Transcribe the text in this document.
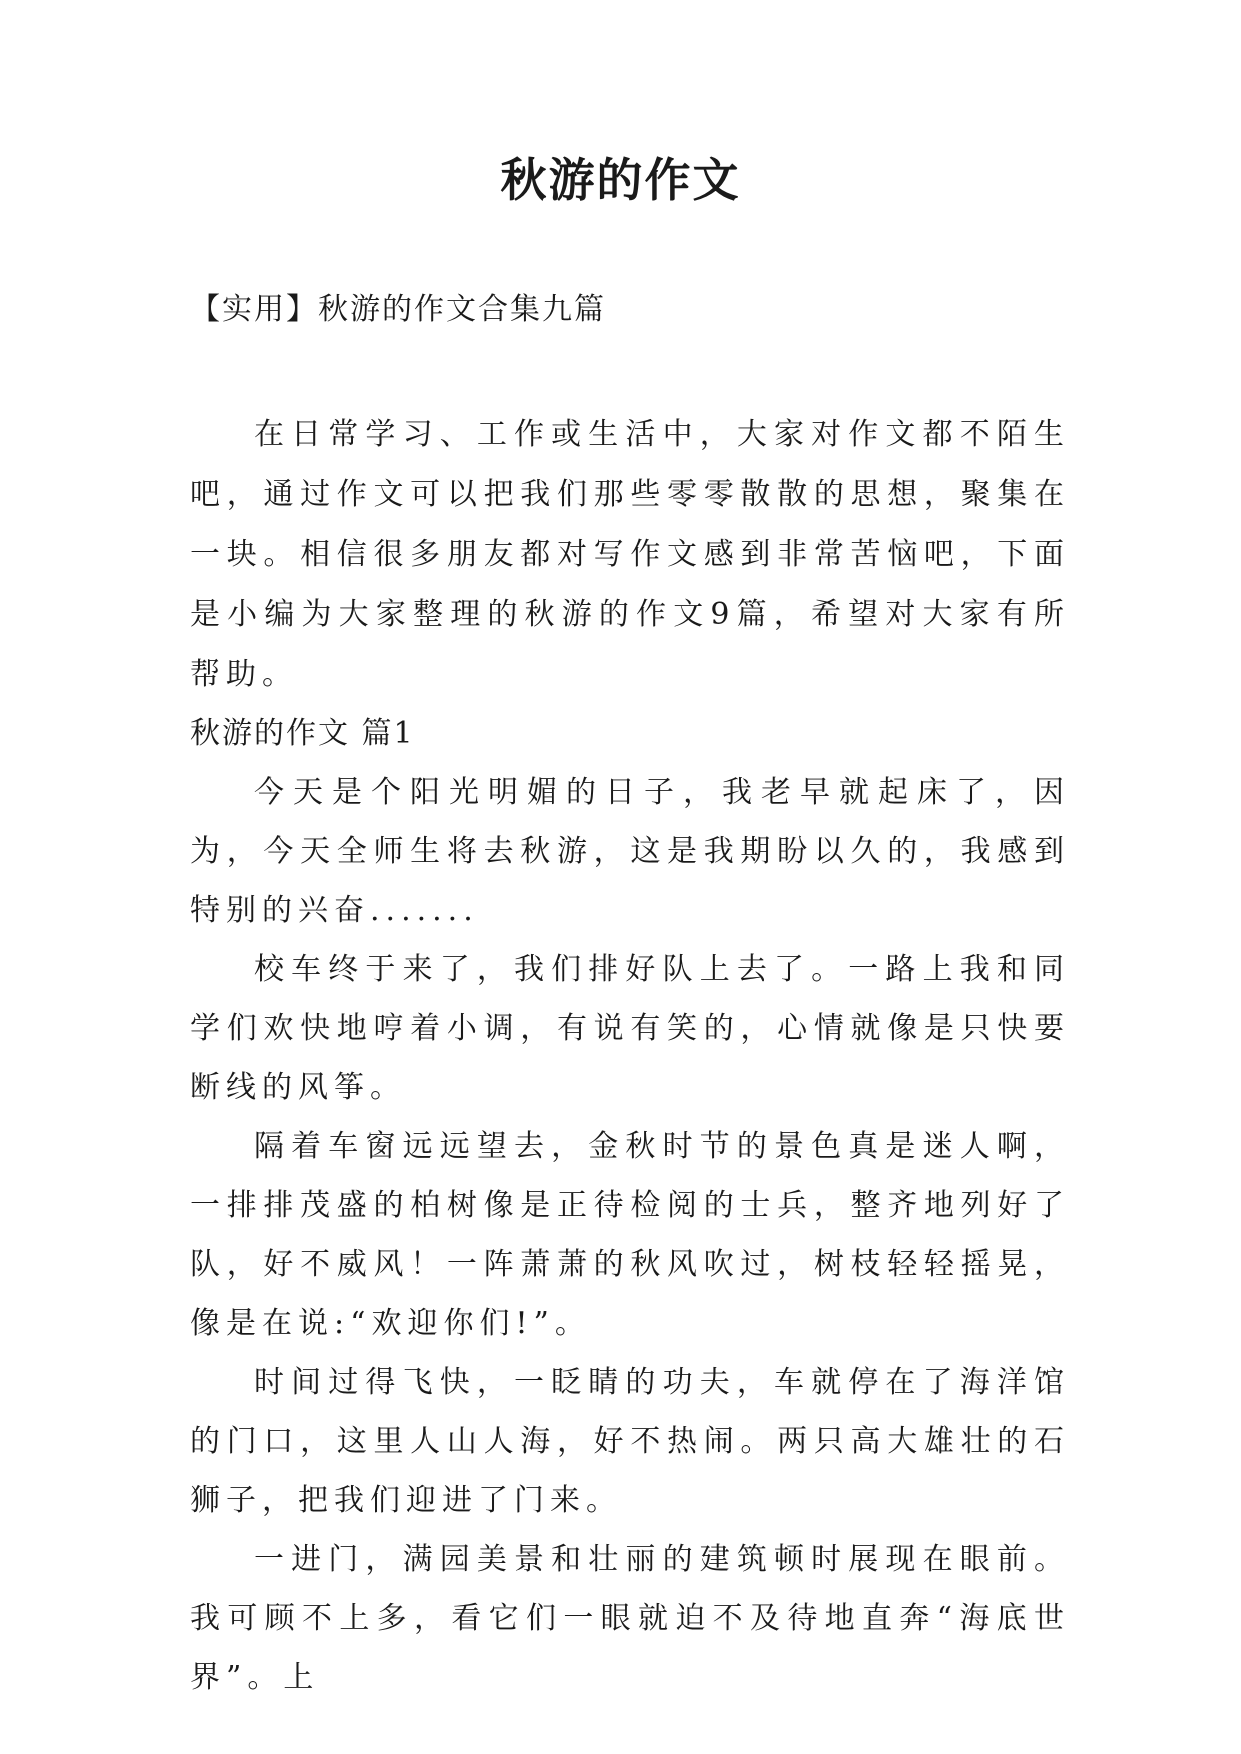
秋游的作文
【实用】秋游的作文合集九篇

在日常学习、工作或生活中，大家对作文都不陌生吧，通过作文可以把我们那些零零散散的思想，聚集在一块。相信很多朋友都对写作文感到非常苦恼吧，下面是小编为大家整理的秋游的作文9篇，希望对大家有所帮助。

秋游的作文 篇1

今天是个阳光明媚的日子，我老早就起床了，因为，今天全师生将去秋游，这是我期盼以久的，我感到特别的兴奋.......

校车终于来了，我们排好队上去了。一路上我和同学们欢快地哼着小调，有说有笑的，心情就像是只快要断线的风筝。

隔着车窗远远望去，金秋时节的景色真是迷人啊，一排排茂盛的柏树像是正待检阅的士兵，整齐地列好了队，好不威风！一阵萧萧的秋风吹过，树枝轻轻摇晃，像是在说:“欢迎你们!”。

时间过得飞快，一眨睛的功夫，车就停在了海洋馆的门口，这里人山人海，好不热闹。两只高大雄壮的石狮子，把我们迎进了门来。

一进门，满园美景和壮丽的建筑顿时展现在眼前。我可顾不上多，看它们一眼就迫不及待地直奔“海底世界”。上
